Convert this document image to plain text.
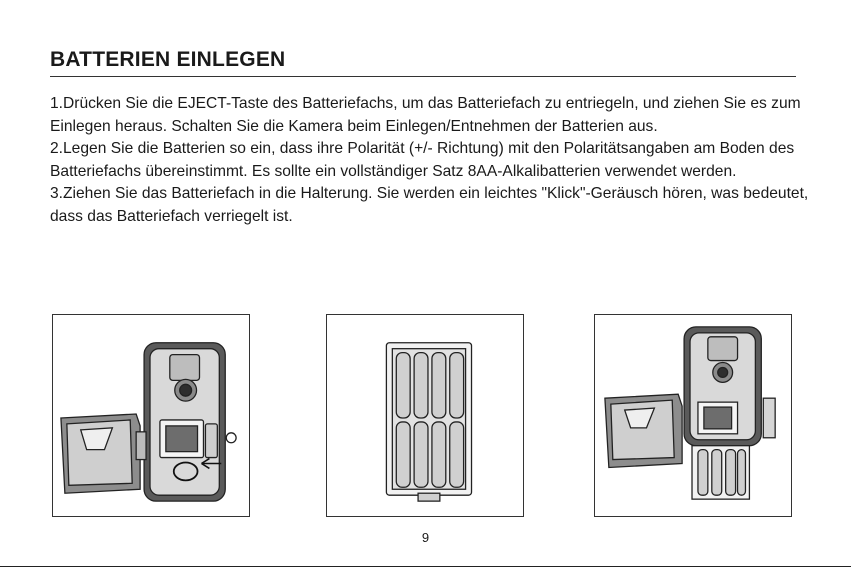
BATTERIEN EINLEGEN

1.Drücken Sie die EJECT-Taste des Batteriefachs, um das Batteriefach zu entriegeln, und ziehen Sie es zum Einlegen heraus. Schalten Sie die Kamera beim Einlegen/Entnehmen der Batterien aus.

2.Legen Sie die Batterien so ein, dass ihre Polarität (+/- Richtung) mit den Polaritätsangaben am Boden des Batteriefachs übereinstimmt. Es sollte ein vollständiger Satz 8AA-Alkalibatterien verwendet werden.

3.Ziehen Sie das Batteriefach in die Halterung. Sie werden ein leichtes "Klick"-Geräusch hören, was bedeutet, dass das Batteriefach verriegelt ist.

9
